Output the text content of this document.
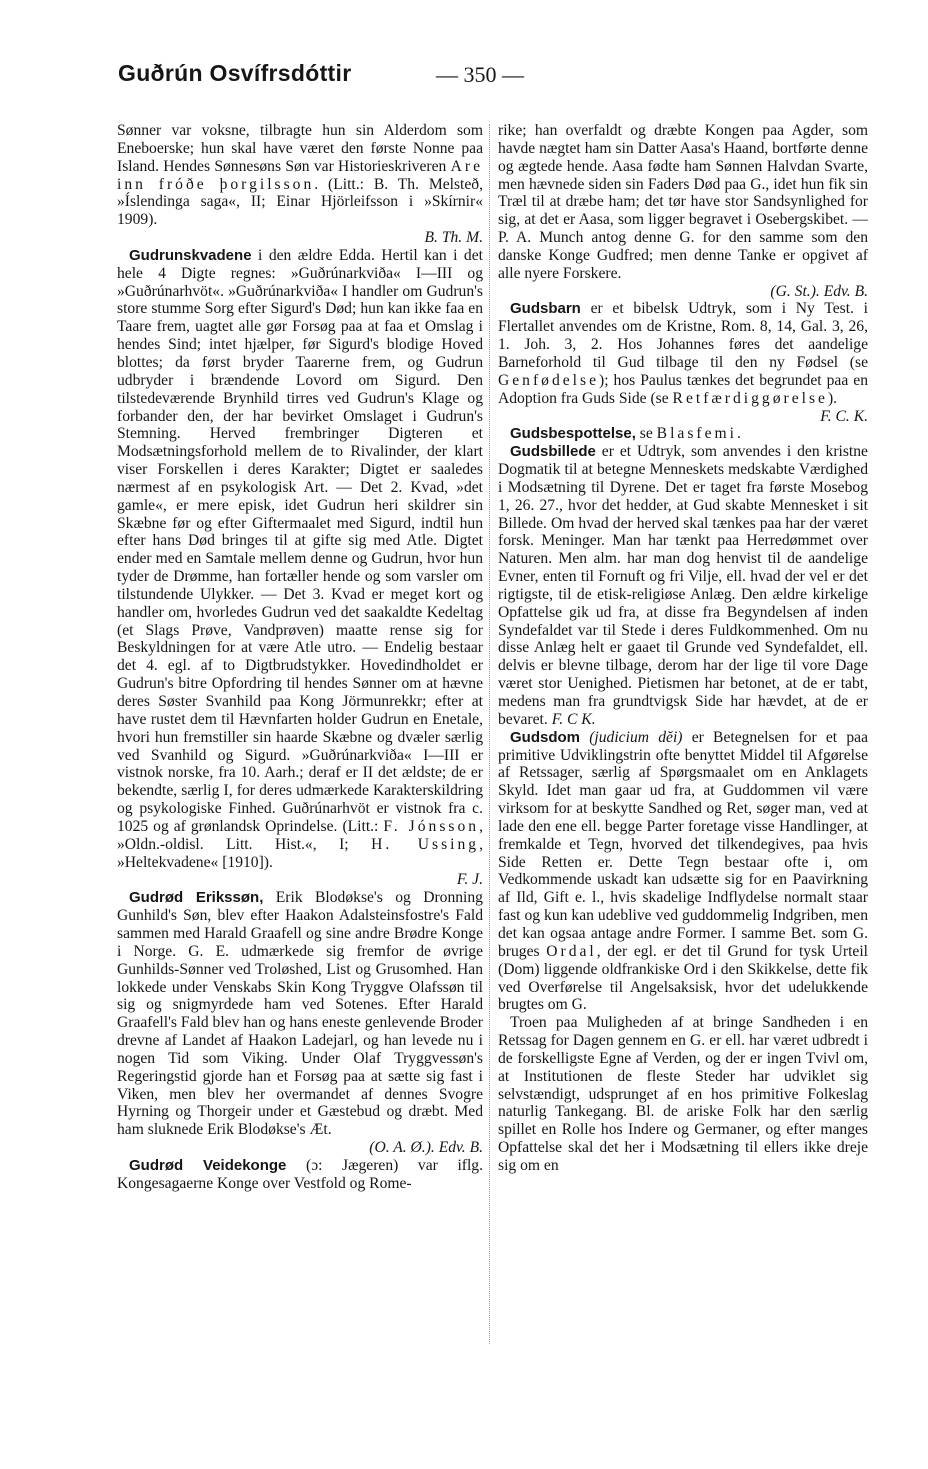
Guðrún Osvífrsdóttir	— 350 —

Sønner var voksne, tilbragte hun sin Alderdom som Eneboerske; hun skal have været den første Nonne paa Island. Hendes Sønnesøns Søn var Historieskriveren Are inn fróðe þorgilsson. (Litt.: B. Th. Melsteð, »Íslendinga saga«, II; Einar Hjörleifsson i »Skírnir« 1909).

B. Th. M.

Gudrunskvadene i den ældre Edda. Hertil kan i det hele 4 Digte regnes: »Guðrúnarkviða« I—III og »Guðrúnarhvöt«. »Guðrúnarkviða« I handler om Gudrun's store stumme Sorg efter Sigurd's Død; hun kan ikke faa en Taare frem, uagtet alle gør Forsøg paa at faa et Omslag i hendes Sind; intet hjælper, før Sigurd's blodige Hoved blottes; da først bryder Taarerne frem, og Gudrun udbryder i brændende Lovord om Sigurd. Den tilstedeværende Brynhild tirres ved Gudrun's Klage og forbander den, der har bevirket Omslaget i Gudrun's Stemning. Herved frembringer Digteren et Modsætningsforhold mellem de to Rivalinder, der klart viser Forskellen i deres Karakter; Digtet er saaledes nærmest af en psykologisk Art. — Det 2. Kvad, »det gamle«, er mere episk, idet Gudrun heri skildrer sin Skæbne før og efter Giftermaalet med Sigurd, indtil hun efter hans Død bringes til at gifte sig med Atle. Digtet ender med en Samtale mellem denne og Gudrun, hvor hun tyder de Drømme, han fortæller hende og som varsler om tilstundende Ulykker. — Det 3. Kvad er meget kort og handler om, hvorledes Gudrun ved det saakaldte Kedeltag (et Slags Prøve, Vandprøven) maatte rense sig for Beskyldningen for at være Atle utro. — Endelig bestaar det 4. egl. af to Digtbrudstykker. Hovedindholdet er Gudrun's bitre Opfordring til hendes Sønner om at hævne deres Søster Svanhild paa Kong Jörmunrekkr; efter at have rustet dem til Hævnfarten holder Gudrun en Enetale, hvori hun fremstiller sin haarde Skæbne og dvæler særlig ved Svanhild og Sigurd. »Guðrúnarkviða« I—III er vistnok norske, fra 10. Aarh.; deraf er II det ældste; de er bekendte, særlig I, for deres udmærkede Karakterskildring og psykologiske Finhed. Guðrúnarhvöt er vistnok fra c. 1025 og af grønlandsk Oprindelse. (Litt.: F. Jónsson, »Oldn.-oldisl. Litt. Hist.«, I; H. Ussing, »Heltekvadene« [1910]).

F. J.

Gudrød Erikssøn, Erik Blodøkse's og Dronning Gunhild's Søn, blev efter Haakon Adalsteinsfostre's Fald sammen med Harald Graafell og sine andre Brødre Konge i Norge. G. E. udmærkede sig fremfor de øvrige Gunhilds-Sønner ved Troløshed, List og Grusomhed. Han lokkede under Venskabs Skin Kong Tryggve Olafssøn til sig og snigmyrdede ham ved Sotenes. Efter Harald Graafell's Fald blev han og hans eneste genlevende Broder drevne af Landet af Haakon Ladejarl, og han levede nu i nogen Tid som Viking. Under Olaf Tryggvessøn's Regeringstid gjorde han et Forsøg paa at sætte sig fast i Viken, men blev her overmandet af dennes Svogre Hyrning og Thorgeir under et Gæstebud og dræbt. Med ham sluknede Erik Blodøkse's Æt.

(O. A. Ø.). Edv. B.

Gudrød Veidekonge (ɔ: Jægeren) var iflg. Kongesagaerne Konge over Vestfold og Rome-

rike; han overfaldt og dræbte Kongen paa Agder, som havde nægtet ham sin Datter Aasa's Haand, bortførte denne og ægtede hende. Aasa fødte ham Sønnen Halvdan Svarte, men hævnede siden sin Faders Død paa G., idet hun fik sin Træl til at dræbe ham; det tør have stor Sandsynlighed for sig, at det er Aasa, som ligger begravet i Osebergskibet. — P. A. Munch antog denne G. for den samme som den danske Konge Gudfred; men denne Tanke er opgivet af alle nyere Forskere.

(G. St.). Edv. B.

Gudsbarn er et bibelsk Udtryk, som i Ny Test. i Flertallet anvendes om de Kristne, Rom. 8, 14, Gal. 3, 26, 1. Joh. 3, 2. Hos Johannes føres det aandelige Barneforhold til Gud tilbage til den ny Fødsel (se Genfødelse); hos Paulus tænkes det begrundet paa en Adoption fra Guds Side (se Retfærdiggørelse).

F. C. K.

Gudsbespottelse, se Blasfemi.

Gudsbillede er et Udtryk, som anvendes i den kristne Dogmatik til at betegne Menneskets medskabte Værdighed i Modsætning til Dyrene. Det er taget fra første Mosebog 1, 26. 27., hvor det hedder, at Gud skabte Mennesket i sit Billede. Om hvad der herved skal tænkes paa har der været forsk. Meninger. Man har tænkt paa Herredømmet over Naturen. Men alm. har man dog henvist til de aandelige Evner, enten til Fornuft og fri Vilje, ell. hvad der vel er det rigtigste, til de etisk-religiøse Anlæg. Den ældre kirkelige Opfattelse gik ud fra, at disse fra Begyndelsen af inden Syndefaldet var til Stede i deres Fuldkommenhed. Om nu disse Anlæg helt er gaaet til Grunde ved Syndefaldet, ell. delvis er blevne tilbage, derom har der lige til vore Dage været stor Uenighed. Pietismen har betonet, at de er tabt, medens man fra grundtvigsk Side har hævdet, at de er bevaret. F. C K.

Gudsdom (judicium dĕi) er Betegnelsen for et paa primitive Udviklingstrin ofte benyttet Middel til Afgørelse af Retssager, særlig af Spørgsmaalet om en Anklagets Skyld. Idet man gaar ud fra, at Guddommen vil være virksom for at beskytte Sandhed og Ret, søger man, ved at lade den ene ell. begge Parter foretage visse Handlinger, at fremkalde et Tegn, hvorved det tilkendegives, paa hvis Side Retten er. Dette Tegn bestaar ofte i, om Vedkommende uskadt kan udsætte sig for en Paavirkning af Ild, Gift e. l., hvis skadelige Indflydelse normalt staar fast og kun kan udeblive ved guddommelig Indgriben, men det kan ogsaa antage andre Former. I samme Bet. som G. bruges Ordal, der egl. er det til Grund for tysk Urteil (Dom) liggende oldfrankiske Ord i den Skikkelse, dette fik ved Overførelse til Angelsaksisk, hvor det udelukkende brugtes om G.

Troen paa Muligheden af at bringe Sandheden i en Retssag for Dagen gennem en G. er ell. har været udbredt i de forskelligste Egne af Verden, og der er ingen Tvivl om, at Institutionen de fleste Steder har udviklet sig selvstændigt, udsprunget af en hos primitive Folkeslag naturlig Tankegang. Bl. de ariske Folk har den særlig spillet en Rolle hos Indere og Germaner, og efter manges Opfattelse skal det her i Modsætning til ellers ikke dreje sig om en
